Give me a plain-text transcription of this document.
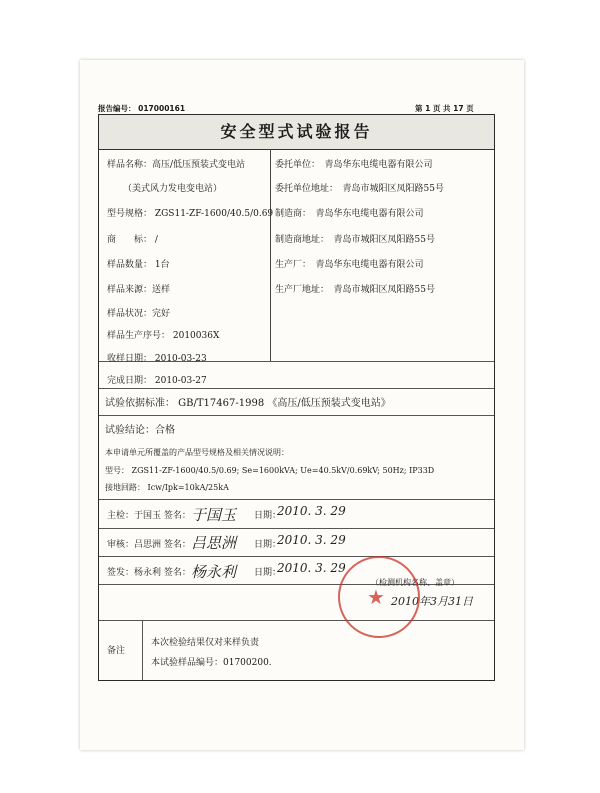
报告编号： 017000161	第 1 页 共 17 页
安全型式试验报告
样品名称：高压/低压预装式变电站
（美式风力发电变电站）
型号规格： ZGS11-ZF-1600/40.5/0.69
商　　标： /
样品数量： 1台
样品来源：送样
样品状况：完好
样品生产序号： 2010036X
收样日期： 2010-03-23
完成日期： 2010-03-27
委托单位：　青岛华东电缆电器有限公司
委托单位地址：　青岛市城阳区凤阳路55号
制造商：　青岛华东电缆电器有限公司
制造商地址：　青岛市城阳区凤阳路55号
生产厂：　青岛华东电缆电器有限公司
生产厂地址：　青岛市城阳区凤阳路55号
试验依据标准： GB/T17467-1998 《高压/低压预装式变电站》
试验结论：合格
本申请单元所覆盖的产品型号规格及相关情况说明：
型号： ZGS11-ZF-1600/40.5/0.69; Se=1600kVA; Ue=40.5kV/0.69kV; 50Hz; IP33D
接地回路： Icw/Ipk=10kA/25kA
主检：于国玉 签名： 于国玉 日期：
2010. 3. 29
审核：吕思洲 签名： 吕思洲 日期：
2010. 3. 29
签发：杨永利 签名： 杨永利 日期：
2010. 3. 29
（检测机构名称、盖章）
2010年3月31日
备注
本次检验结果仅对来样负责
本试验样品编号：01700200.
★
